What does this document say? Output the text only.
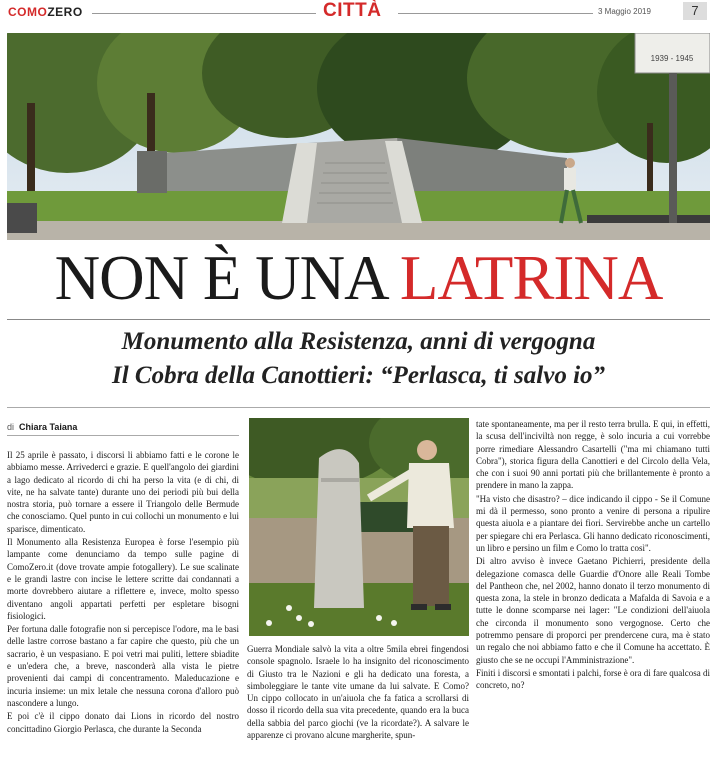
COMOZERO	CITTÀ	3 Maggio 2019	7
1939 - 1945
NON È UNA LATRINA
Monumento alla Resistenza, anni di vergogna
Il Cobra della Canottieri: “Perlasca, ti salvo io”
di Chiara Taiana

Il 25 aprile è passato, i discorsi li abbiamo fatti e le corone le abbiamo messe. Arrivederci e grazie. E quell'angolo dei giardini a lago dedicato al ricordo di chi ha perso la vita (e di chi, di vite, ne ha salvate tante) durante uno dei periodi più bui della nostra storia, può tornare a essere il Triangolo delle Bermude che conosciamo. Quel punto in cui collochi un monumento e lui sparisce, dimenticato.

Il Monumento alla Resistenza Europea è forse l'esempio più lampante come denunciamo da tempo sulle pagine di ComoZero.it (dove trovate ampie fotogallery). Le sue scalinate e le grandi lastre con incise le lettere scritte dai condannati a morte dovrebbero aiutare a riflettere e, invece, molto spesso diventano angoli appartati perfetti per espletare bisogni fisiologici.

Per fortuna dalle fotografie non si percepisce l'odore, ma le basi delle lastre corrose bastano a far capire che questo, più che un sacrario, è un vespasiano. E poi vetri mai puliti, lettere sbiadite e un'edera che, a breve, nasconderà alla vista le pietre provenienti dai campi di concentramento. Maleducazione e incuria insieme: un mix letale che nessuna corona d'alloro può nascondere a lungo.

E poi c'è il cippo donato dai Lions in ricordo del nostro concittadino Giorgio Perlasca, che durante la Seconda

Guerra Mondiale salvò la vita a oltre 5mila ebrei fingendosi console spagnolo. Israele lo ha insignito del riconoscimento di Giusto tra le Nazioni e gli ha dedicato una foresta, a simboleggiare le tante vite umane da lui salvate. E Como? Un cippo collocato in un'aiuola che fa fatica a scrollarsi di dosso il ricordo della sua vita precedente, quando era la buca della sabbia del parco giochi (ve la ricordate?). A salvare le apparenze ci provano alcune margherite, spun-

tate spontaneamente, ma per il resto terra brulla. E qui, in effetti, la scusa dell'inciviltà non regge, è solo incuria a cui vorrebbe porre rimediare Alessandro Casartelli ("ma mi chiamano tutti Cobra"), storica figura della Canottieri e del Circolo della Vela, che con i suoi 90 anni portati più che brillantemente è pronto a prendere in mano la zappa.

"Ha visto che disastro? – dice indicando il cippo - Se il Comune mi dà il permesso, sono pronto a venire di persona a ripulire questa aiuola e a piantare dei fiori. Servirebbe anche un cartello per spiegare chi era Perlasca. Gli hanno dedicato riconoscimenti, un libro e persino un film e Como lo tratta così".

Di altro avviso è invece Gaetano Pichierri, presidente della delegazione comasca delle Guardie d'Onore alle Reali Tombe del Pantheon che, nel 2002, hanno donato il terzo monumento di questa zona, la stele in bronzo dedicata a Mafalda di Savoia e a tutte le donne scomparse nei lager: "Le condizioni dell'aiuola che circonda il monumento sono vergognose. Certo che potremmo pensare di proporci per prendercene cura, ma è stato un regalo che noi abbiamo fatto e che il Comune ha accettato. È giusto che se ne occupi l'Amministrazione".

Finiti i discorsi e smontati i palchi, forse è ora di fare qualcosa di concreto, no?
